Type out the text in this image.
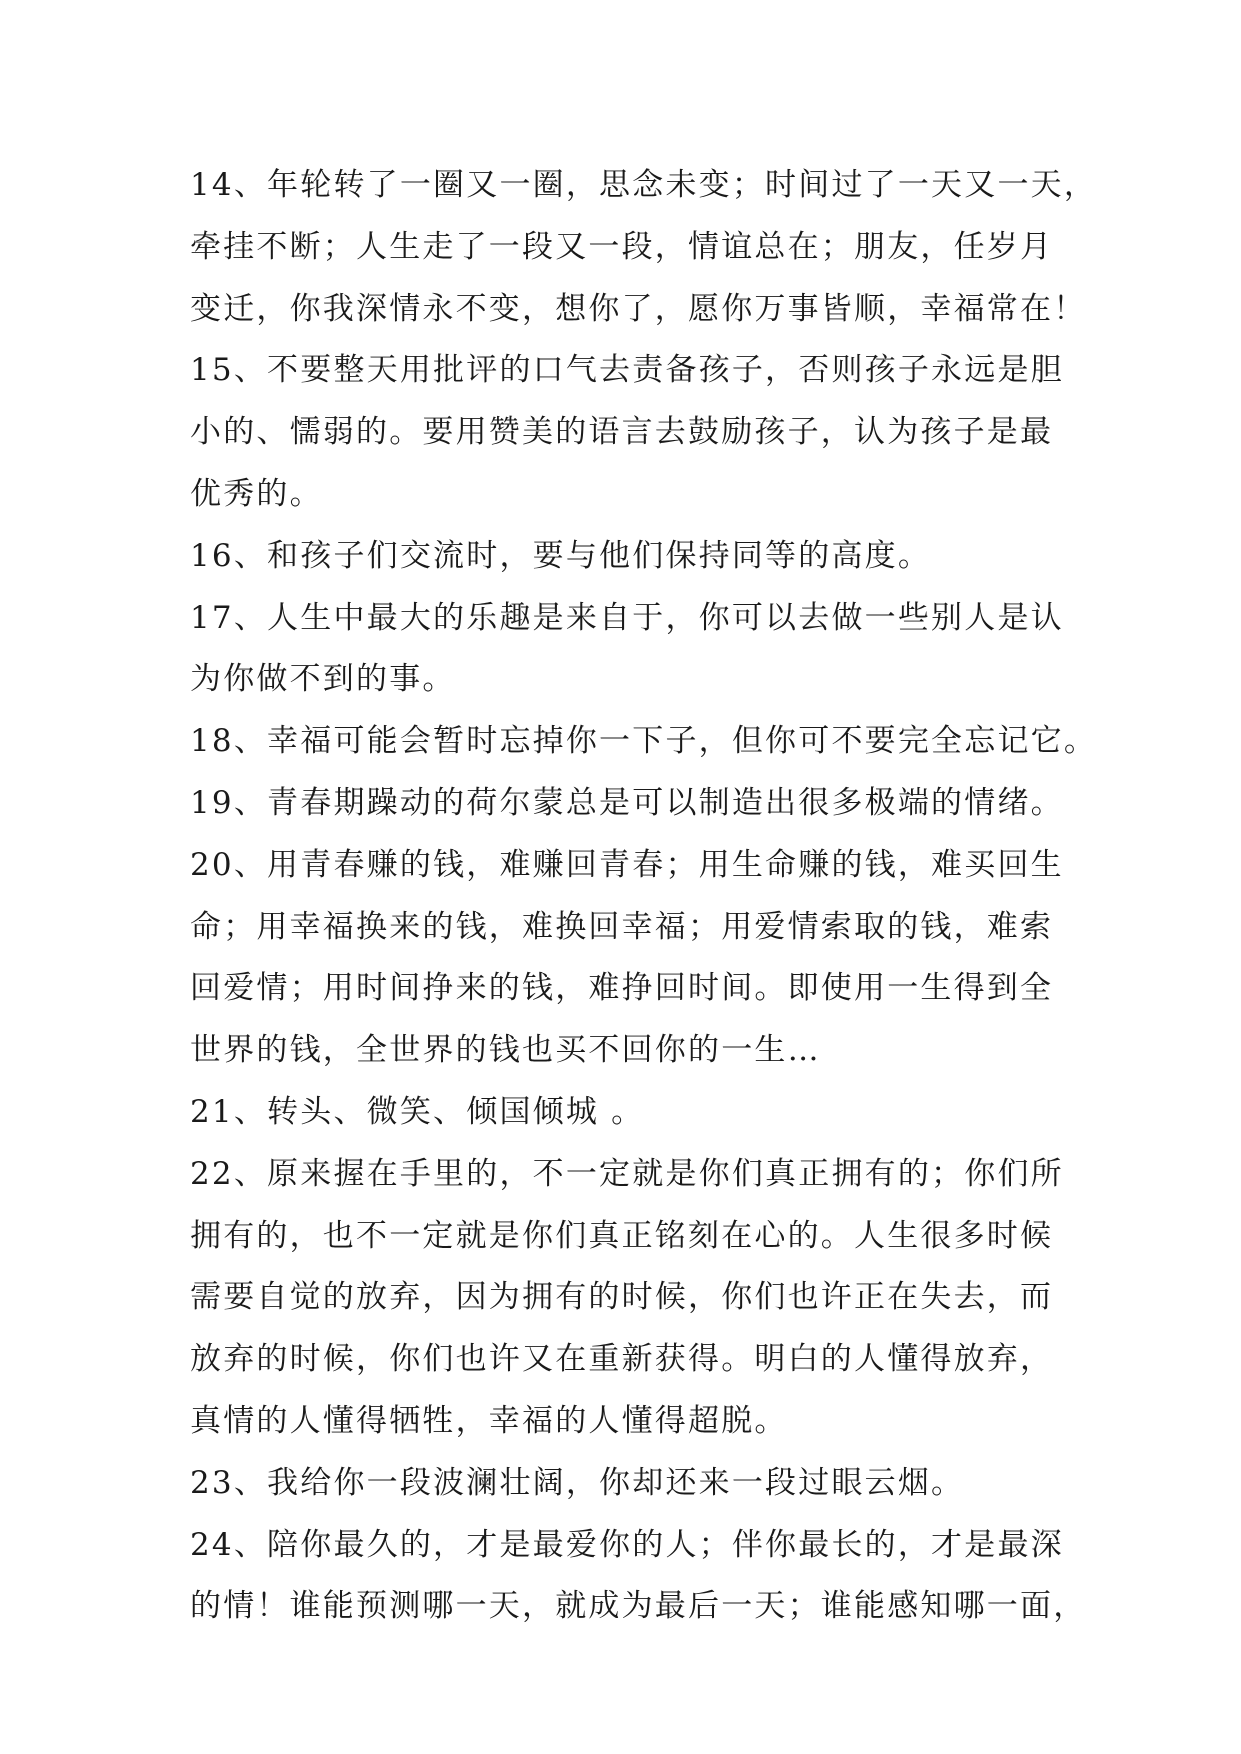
14、年轮转了一圈又一圈，思念未变；时间过了一天又一天，
牵挂不断；人生走了一段又一段，情谊总在；朋友，任岁月
变迁，你我深情永不变，想你了，愿你万事皆顺，幸福常在！
15、不要整天用批评的口气去责备孩子，否则孩子永远是胆
小的、懦弱的。要用赞美的语言去鼓励孩子，认为孩子是最
优秀的。
16、和孩子们交流时，要与他们保持同等的高度。
17、人生中最大的乐趣是来自于，你可以去做一些别人是认
为你做不到的事。
18、幸福可能会暂时忘掉你一下子，但你可不要完全忘记它。
19、青春期躁动的荷尔蒙总是可以制造出很多极端的情绪。
20、用青春赚的钱，难赚回青春；用生命赚的钱，难买回生
命；用幸福换来的钱，难换回幸福；用爱情索取的钱，难索
回爱情；用时间挣来的钱，难挣回时间。即使用一生得到全
世界的钱，全世界的钱也买不回你的一生…
21、转头、微笑、倾国倾城 。
22、原来握在手里的，不一定就是你们真正拥有的；你们所
拥有的，也不一定就是你们真正铭刻在心的。人生很多时候
需要自觉的放弃，因为拥有的时候，你们也许正在失去，而
放弃的时候，你们也许又在重新获得。明白的人懂得放弃，
真情的人懂得牺牲，幸福的人懂得超脱。
23、我给你一段波澜壮阔，你却还来一段过眼云烟。
24、陪你最久的，才是最爱你的人；伴你最长的，才是最深
的情！谁能预测哪一天，就成为最后一天；谁能感知哪一面，
